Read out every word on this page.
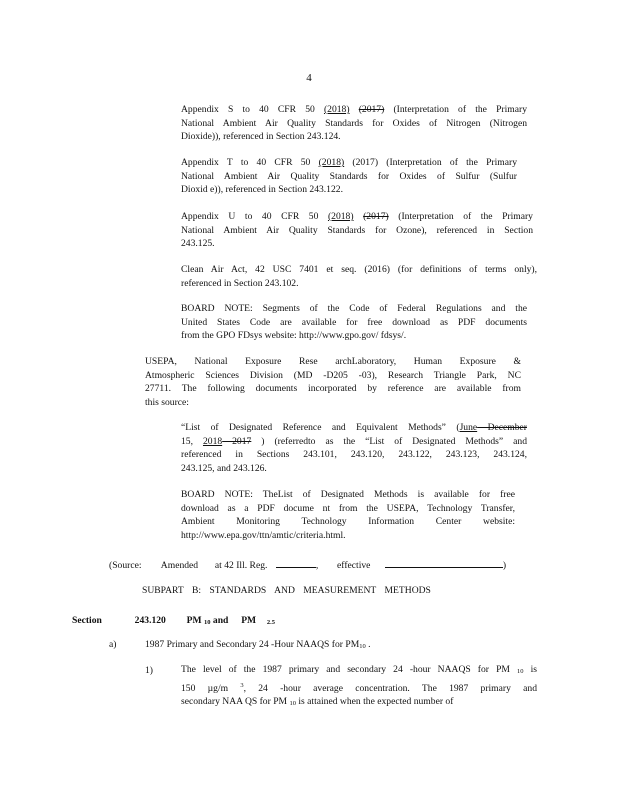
4
Appendix S to 40 CFR 50 (2018) (2017) (Interpretation of the Primary
National Ambient Air Quality Standards for Oxides of Nitrogen (Nitrogen
Dioxide)), referenced in Section 243.124.
Appendix T to 40 CFR 50 (2018) (2017) (Interpretation of the Primary
National Ambient Air Quality Standards for Oxides of Sulfur (Sulfur
Dioxid e)), referenced in Section 243.122.
Appendix U to 40 CFR 50 (2018) (2017) (Interpretation of the Primary
National Ambient Air Quality Standards for Ozone), referenced in Section
243.125.
Clean Air Act, 42 USC 7401 et seq. (2016) (for definitions of terms only),
referenced in Section 243.102.
BOARD NOTE: Segments of the Code of Federal Regulations and the
United States Code are available for free download as PDF documents
from the GPO FDsys website: http://www.gpo.gov/ fdsys/.
USEPA, National Exposure Rese archLaboratory, Human Exposure &
Atmospheric Sciences Division (MD -D205 -03), Research Triangle Park, NC
27711. The following documents incorporated by reference are available from
this source:
“List of Designated Reference and Equivalent Methods” (June December
15, 2018 2017 ) (referredto as the “List of Designated Methods” and
referenced in Sections 243.101, 243.120, 243.122, 243.123, 243.124,
243.125, and 243.126.
BOARD NOTE: TheList of Designated Methods is available for free
download as a PDF docume nt from the USEPA, Technology Transfer,
Ambient Monitoring Technology Information Center website:
http://www.epa.gov/ttn/amtic/criteria.html.
(Source: Amended at 42 Ill. Reg.	, effective	)
SUBPART B: STANDARDS AND MEASUREMENT METHODS
Section	243.120 PM 10 and PM 2.5
a)	1987 Primary and Secondary 24 -Hour NAAQS for PM10 .
1)	The level of the 1987 primary and secondary 24 -hour NAAQS for PM 10 is
150 µg/m $^3$, 24 -hour average concentration. The 1987 primary and
secondary NAA QS for PM 10 is attained when the expected number of
